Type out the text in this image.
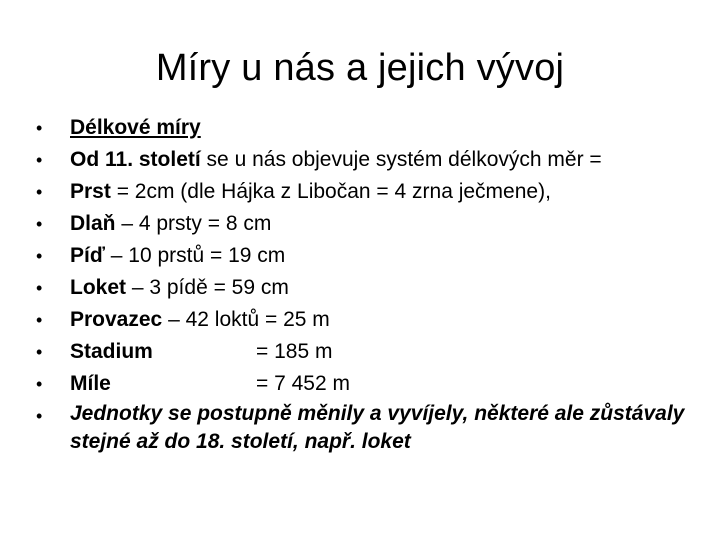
Míry u nás a jejich vývoj
•	Délkové míry
•	Od 11. století se u nás objevuje systém délkových měr =
•	Prst = 2cm (dle Hájka z Libočan = 4 zrna ječmene),
•	Dlaň – 4 prsty = 8 cm
•	Píď – 10 prstů = 19 cm
•	Loket – 3 pídě = 59 cm
•	Provazec – 42 loktů = 25 m
•	Stadium	= 185 m
•	Míle	= 7 452 m
•	Jednotky se postupně měnily a vyvíjely, některé ale zůstávaly stejné až do 18. století, např. loket
